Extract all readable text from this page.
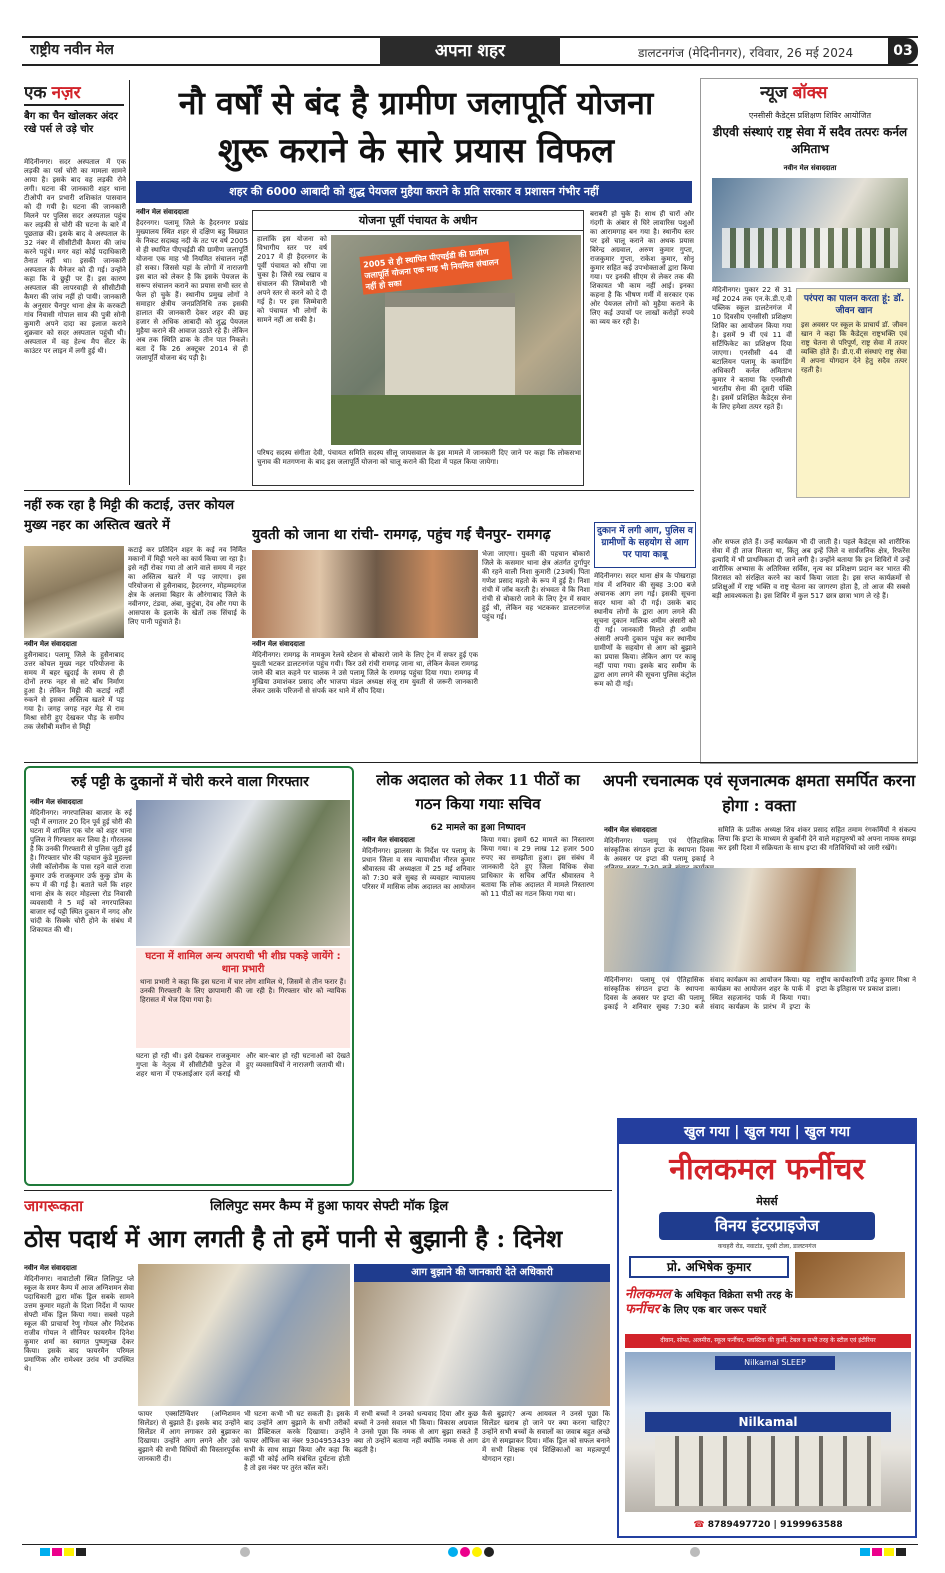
राष्ट्रीय नवीन मेल	अपना शहर	डालटनगंज (मेदिनीनगर), रविवार, 26 मई 2024	03
एक नज़र
बैग का चैन खोलकर अंदर रखे पर्स ले उड़े चोर
मेदिनीनगर। सदर अस्पताल में एक लड़की का पर्स चोरी का मामला सामने आया है। इसके बाद वह लड़की रोने लगी। घटना की जानकारी शहर थाना टीओपी वन प्रभारी शशिकांत पासवान को दी गयी है। घटना की जानकारी मिलने पर पुलिस सदर अस्पताल पहुंच कर लड़की से चोरी की घटना के बारे में पूछताछ की। इसके बाद वे अस्पताल के 32 नंबर में सीसीटीवी कैमरा की जांच करने पहुंचे। मगर वहां कोई पदाधिकारी तैनात नहीं था। इसकी जानकारी अस्पताल के मैनेजर को दी गई। उन्होंने कहा कि वे छुट्टी पर हैं। इस कारण अस्पताल की लापरवाही से सीसीटीवी कैमरा की जांच नहीं हो पायी। जानकारी के अनुसार चैनपुर थाना क्षेत्र के करकटी गांव निवासी गोपाल साव की पुत्री सोनी कुमारी अपने दादा का इलाज कराने शुक्रवार को सदर अस्पताल पहुंची थी। अस्पताल में वह हेल्थ मैप सेंटर के काउंटर पर लाइन में लगी हुई थी।
नौ वर्षों से बंद है ग्रामीण जलापूर्ति योजना
शुरू कराने के सारे प्रयास विफल
शहर की 6000 आबादी को शुद्ध पेयजल मुहैया कराने के प्रति सरकार व प्रशासन गंभीर नहीं

नवीन मेल संवाददाता

हैदरनगर। पलामू जिले के हैदरनगर प्रखंड मुख्यालय स्थित शहर से दक्षिण बहु विख्यात के निकट सदाबह नदी के तट पर वर्ष 2005 से ही स्थापित पीएचईडी की ग्रामीण जलापूर्ति योजना एक माह भी नियमित संचालन नहीं हो सका। जिससे यहां के लोगों में नाराजगी इस बात को लेकर है कि इसके पेयजल के सरूप संचालन कराने का प्रयास सभी स्तर से फेल हो चुके हैं। स्थानीय प्रमुख लोगों ने समाहार क्षेत्रीय जनप्रतिनिधि तक इसकी हालात की जानकारी देकर शहर की छह हजार से अधिक आबादी को शुद्ध पेयजल मुहैया कराने की आवाज उठाते रहे हैं। लेकिन अब तक स्थिति ढाक के तीन पात निकले। बता दें कि 26 अक्टूबर 2014 से ही जलापूर्ति योजना बंद पड़ी है।

योजना पूर्वी पंचायत के अधीन
हालांकि इस योजना को विभागीय स्तर पर वर्ष 2017 में ही हैदरनगर के पूर्वी पंचायत को सौंपा जा चुका है। जिसे रख रखाव व संचालन की जिम्मेवारी भी अपने स्तर से करने को दे दी गई है। पर इस जिम्मेवारी को पंचायत भी लोगों के सामने नहीं आ सकी है।
2005 से ही स्थापित पीएचईडी की ग्रामीण जलापूर्ति योजना एक माह भी नियमित संचालन नहीं हो सका
परिषद सदस्य संगीता देवी, पंचायत समिति सदस्य सीलू जायसवाल के इस मामले में जानकारी दिए जाने पर कहा कि लोकसभा चुनाव की मतगणना के बाद इस जलापूर्ति योजना को चालू कराने की दिशा में पहल किया जायेगा।
बराबरी हो चुके हैं। साथ ही चारों ओर गंदगी के अंबार से घिरे लावारिस पशुओं का आरामगाह बन गया है। स्थानीय स्तर पर इसे चालू कराने का अथक प्रयास बिरेन्द्र अग्रवाल, अरुण कुमार गुप्ता, राजकुमार गुप्ता, राकेश कुमार, सोनू कुमार सहित कई उपभोक्ताओं द्वारा किया गया। पर इनकी सीएम से लेकर तक की शिकायत भी काम नहीं आई। इनका कहना है कि भीषण गर्मी में सरकार एक ओर पेयजल लोगों को मुहैया कराने के लिए कई उपायों पर लाखों करोड़ों रुपये का व्यय कर रही है।
न्यूज बॉक्स
एनसीसी कैडेट्स प्रशिक्षण शिविर आयोजित
डीएवी संस्थाएं राष्ट्र सेवा में सदैव तत्परः कर्नल अमिताभ
नवीन मेल संवाददाता
मेदिनीनगर। पुकार 22 से 31 मई 2024 तक एन.के.डी.ए.वी पब्लिक स्कूल डालटेनगंज में 10 दिवसीय एनसीसी प्रशिक्षण शिविर का आयोजन किया गया है। इसमें 9 वीं एवं 11 वीं सर्टिफिकेट का प्रशिक्षण दिया जाएगा। एनसीसी 44 वीं बटालियन पलामू के कमांडिंग अधिकारी कर्नल अमिताभ कुमार ने बताया कि एनसीसी भारतीय सेना की दूसरी पंक्ति है। इसमें प्रशिक्षित कैडेट्स सेना के लिए हमेशा तत्पर रहते हैं।
परंपरा का पालन करता हूं: डॉ. जीवन खान
इस अवसर पर स्कूल के प्राचार्य डॉ. जीवन खान ने कहा कि कैडेट्स राष्ट्रभक्ति एवं राष्ट्र चेतना से परिपूर्ण, राष्ट्र सेवा में तत्पर व्यक्ति होते हैं। डी.ए.वी संस्थाएं राष्ट्र सेवा में अपना योगदान देने हेतु सदैव तत्पर रहती है।
और सफल होते हैं। उन्हें कार्यक्रम भी दी जाती है। पहले कैडेट्स को शारीरिक सेवा में ही ताज मिलता था, किंतु अब इन्हें जिले व सार्वजनिक क्षेत्र, रिफरेंस इत्यादि में भी प्राथमिकता दी जाने लगी है। उन्होंने बताया कि इन शिविरों में उन्हें शारीरिक अभ्यास के अतिरिक्त सर्विस, नृत्य का प्रशिक्षण प्रदान कर भारत की विरासत को संरक्षित करने का कार्य किया जाता है। इस सप्त कार्यक्रमों से प्रशिक्षुओं में राष्ट्र भक्ति व राष्ट्र चेतना का जागरण होता है, तो आज की सबसे बड़ी आवश्यकता है। इस शिविर में कुल 517 छात्र छात्रा भाग ले रहे हैं।
नहीं रुक रहा है मिट्टी की कटाई, उत्तर कोयल मुख्य नहर का अस्तित्व खतरे में

नवीन मेल संवाददाता

हुसैनाबाद। पलामू जिले के हुसैनाबाद उत्तर कोयल मुख्य नहर परियोजना के समय में बहर खुदाई के समय से ही दोनों तरफ नहर से सटे बाँध निर्माण हुआ है। लेकिन मिट्टी की कटाई नहीं रुकने से इसका अस्तित्व खतरे में पड़ गया है। जगह जगह नहर मेड़ से राम मिश्रा सोरी हुए देखकर पौड़ के समीप तक जेसीबी मशीन से मिट्टी

कटाई कर प्रतिदिन शहर के कई नव निर्मित मकानों में मिट्टी भरने का कार्य किया जा रहा है। इसे नहीं रोका गया तो आने वाले समय में नहर का अस्तित्व खतरे में पड़ जाएगा। इस परियोजना से हुसैनाबाद, हैदरनगर, मोहम्मदगंज क्षेत्र के अलावा बिहार के औरंगाबाद जिले के नवीनगर, टंडवा, अंबा, कुटुंबा, देव और गया के आसपास के इलाके के खेतों तक सिंचाई के लिए पानी पहुंचाते हैं।
युवती को जाना था रांची- रामगढ़, पहुंच गई चैनपुर- रामगढ़

नवीन मेल संवाददाता

मेदिनीनगर। रामगढ़ के नामकुम रेलवे स्टेशन से बोकारो जाने के लिए ट्रेन में सफर हुई एक युवती भटकर डालटनगंज पहुंच गयी। फिर उसे रांची रामगढ़ जाना था, लेकिन केवल रामगढ़ जाने की बात कहने पर चालक ने उसे पलामू जिले के रामगढ़ पहुंचा दिया गया। रामगढ़ में मुखिया उमाशंकर प्रसाद और भाजपा मंडल अध्यक्ष संजू राम युवती से जरूरी जानकारी लेकर उसके परिजनों से संपर्क कर थाने में सौंप दिया।

भेजा जाएगा। युवती की पहचान बोकारो जिले के कसमार थाना क्षेत्र अंतर्गत दुर्गापुर की रहने वाली निशा कुमारी (23वर्ष) पिता गणेश प्रसाद महतो के रूप में हुई है। निशा रांची में जॉब करती है। संभवतः वे कि निशा रांची से बोकारो जाने के लिए ट्रेन में सवार हुई थी, लेकिन वह भटककर डालटनगंज पहुंच गई।
दुकान में लगी आग, पुलिस व ग्रामीणों के सहयोग से आग पर पाया काबू
मेदिनीनगर। सदर थाना क्षेत्र के पोखराहा गांव में शनिवार की सुबह 3:00 बजे अचानक आग लग गई। इसकी सूचना सदर थाना को दी गई। उसके बाद स्थानीय लोगों के द्वारा आग लगने की सूचना दुकान मालिक शमीम अंसारी को दी गई। जानकारी मिलते ही शमीम अंसारी अपनी दुकान पहुंच कर स्थानीय ग्रामीणों के सहयोग से आग को बुझाने का प्रयास किया। लेकिन आग पर काबू नहीं पाया गया। इसके बाद समीम के द्वारा आग लगने की सूचना पुलिस कंट्रोल रूम को दी गई।
रुई पट्टी के दुकानों में चोरी करने वाला गिरफ्तार

नवीन मेल संवाददाता

मेदिनीनगर। नगरपालिका बाजार के रुई पट्टी में लगातार 20 दिन पूर्व हुई चोरी की घटना में शामिल एक चोर को शहर थाना पुलिस ने गिरफ्तार कर लिया है। गौरतलब है कि उनकी गिरफ्तारी से पुलिस जुटी हुई है। गिरफ्तार चोर की पहचान कुंडे मुहल्ला जेसी कॉलोनीक के पास रहने वाले राजा कुमार उर्फ राजकुमार उर्फ कुकु डोम के रूप में की गई है। बताते चलें कि शहर थाना क्षेत्र के सदर मोहल्ला रोड निवासी व्यवसायी ने 5 मई को नगरपालिका बाजार रुई पट्टी स्थित दुकान में नगद और चांदी के सिक्के चोरी होने के संबंध में शिकायत की थी।

घटना में शामिल अन्य अपराधी भी शीघ्र पकड़े जायेंगे : थाना प्रभारी
थाना प्रभारी ने कहा कि इस घटना में चार लोग शामिल थे, जिसमें से तीन फरार हैं। उनकी गिरफ्तारी के लिए छापामारी की जा रही है। गिरफ्तार चोर को न्यायिक हिरासत में भेज दिया गया है।
घटना हो रही थी। इसे देखकर राजकुमार गुप्ता के नेतृत्व में सीसीटीवी फुटेज में शहर थाना में एफआईआर दर्ज कराई थी और बार-बार हो रही घटनाओं को देखते हुए व्यवसायियों ने नाराजगी जतायी थी।
लोक अदालत को लेकर 11 पीठों का गठन किया गयाः सचिव
62 मामले का हुआ निष्पादन

नवीन मेल संवाददाता

मेदिनीनगर। झालसा के निर्देश पर पलामू के प्रधान जिला व सत्र न्यायाधीश नीरज कुमार श्रीवास्तव की अध्यक्षता में 25 मई शनिवार को 7:30 बजे सुबह से व्यवहार न्यायालय परिसर में मासिक लोक अदालत का आयोजन किया गया। इसमें 62 मामले का निस्तारण किया गया। व 29 लाख 12 हजार 500 रुपए का समझौता हुआ। इस संबंध में जानकारी देते हुए जिला विधिक सेवा प्राधिकार के सचिव अर्पित श्रीवास्तव ने बताया कि लोक अदालत में मामले निस्तारण को 11 पीठों का गठन किया गया था।

अपनी रचनात्मक एवं सृजनात्मक क्षमता समर्पित करना होगा : वक्ता

नवीन मेल संवाददाता

मेदिनीनगर। पलामू एवं ऐतिहासिक सांस्कृतिक संगठन इप्टा के स्थापना दिवस के अवसर पर इप्टा की पलामू इकाई ने

समिति के प्रतीक अध्यक्ष शिव शंकर प्रसाद सहित तमाम रंगकर्मियों ने संकल्प लिया कि इप्टा के माध्यम से कुर्बानी देने वाले महापुरुषों को अपना नायक समझ कर इसी दिशा में सक्रियता के साथ इप्टा की गतिविधियों को जारी रखेंगे।
मेदिनीनगर। पलामू एवं ऐतिहासिक सांस्कृतिक संगठन इप्टा के स्थापना दिवस के अवसर पर इप्टा की पलामू इकाई ने शनिवार सुबह 7:30 बजे संवाद कार्यक्रम का आयोजन किया। यह कार्यक्रम का आयोजन शहर के पार्क में स्थित सहजानंद पार्क में किया गया। संवाद कार्यक्रम के प्रारंभ में इप्टा के राष्ट्रीय कार्यकारिणी उपेंद्र कुमार मिश्रा ने इप्टा के इतिहास पर प्रकाश डाला।
खुल गया | खुल गया | खुल गया
नीलकमल फर्नीचर
मेसर्स
विनय इंटरप्राइजेज
कचहरी रोड, नवाटांड, पूरबी टोला, डालटनगंज
प्रो. अभिषेक कुमार
नीलकमल के अधिकृत विक्रेता सभी तरह के
फर्नीचर के लिए एक बार जरूर पधारें
दीवान, सोफा, अलमीरा, स्कूल फर्नीचर, प्लास्टिक की कुर्सी, टेबल व सभी तरह के स्टील एवं इंटीरियर
Nilkamal SLEEP
Nilkamal
☎ 8789497720 | 9199963588
जागरूकता	लिलिपुट समर कैम्प में हुआ फायर सेफ्टी मॉक ड्रिल
ठोस पदार्थ में आग लगती है तो हमें पानी से बुझानी है : दिनेश

नवीन मेल संवाददाता

मेदिनीनगर। नावाटोली स्थित लिलिपुट प्ले स्कूल के समर कैम्प में आज अग्निशमन सेवा पदाधिकारी द्वारा मॉक ड्रिल सबके सामने उत्तम कुमार महतो के दिशा निर्देश में फायर सेफ्टी मॉक ड्रिल किया गया। सबसे पहले स्कूल की प्राचार्या रेणु गोयल और निदेशक राजीव गोयल ने सीनियर फायरमैन दिनेश कुमार शर्मा का स्वागत पुष्पगुच्छ देकर किया। इसके बाद फायरमैन परिमल प्रमाणिक और रामेश्वर उरांव भी उपस्थित थे।

आग बुझाने की जानकारी देते अधिकारी
फायर एक्सटिंग्विशर (अग्निशमन सिलेंडर) से बुझाते हैं। इसके बाद उन्होंने सिलेंडर में आग लगाकर उसे बुझाकर दिखाया। उन्होंने आग लगने और उसे बुझाने की सभी विधियों की विस्तारपूर्वक जानकारी दी।
भी घटना कभी भी घट सकती है। इसके बाद उन्होंने आग बुझाने के सभी तरीकों का प्रैक्टिकल करके दिखाया। उन्होंने फायर ऑफिस का नंबर 9304953439 सभी के साथ साझा किया और कहा कि कहीं भी कोई अग्नि संबंधित दुर्घटना होती है तो इस नंबर पर तुरंत कॉल करें।
में सभी बच्चों ने उनको धन्यवाद दिया और कुछ बच्चों ने उनसे सवाल भी किया। विकास अग्रवाल ने उनसे पूछा कि नमक से आग बुझा सकते हैं क्या तो उन्होंने बताया नहीं क्योंकि नमक से आग बढ़ती है।
कैसे बुझाएं? अन्य आयवल ने उनसे पूछा कि सिलेंडर खराब हो जाने पर क्या करना चाहिए? उन्होंने सभी बच्चों के सवालों का जवाब बहुत अच्छे ढंग से समझाकर दिया। मॉक ड्रिल को सफल बनाने में सभी शिक्षक एवं शिक्षिकाओं का महत्वपूर्ण योगदान रहा।
